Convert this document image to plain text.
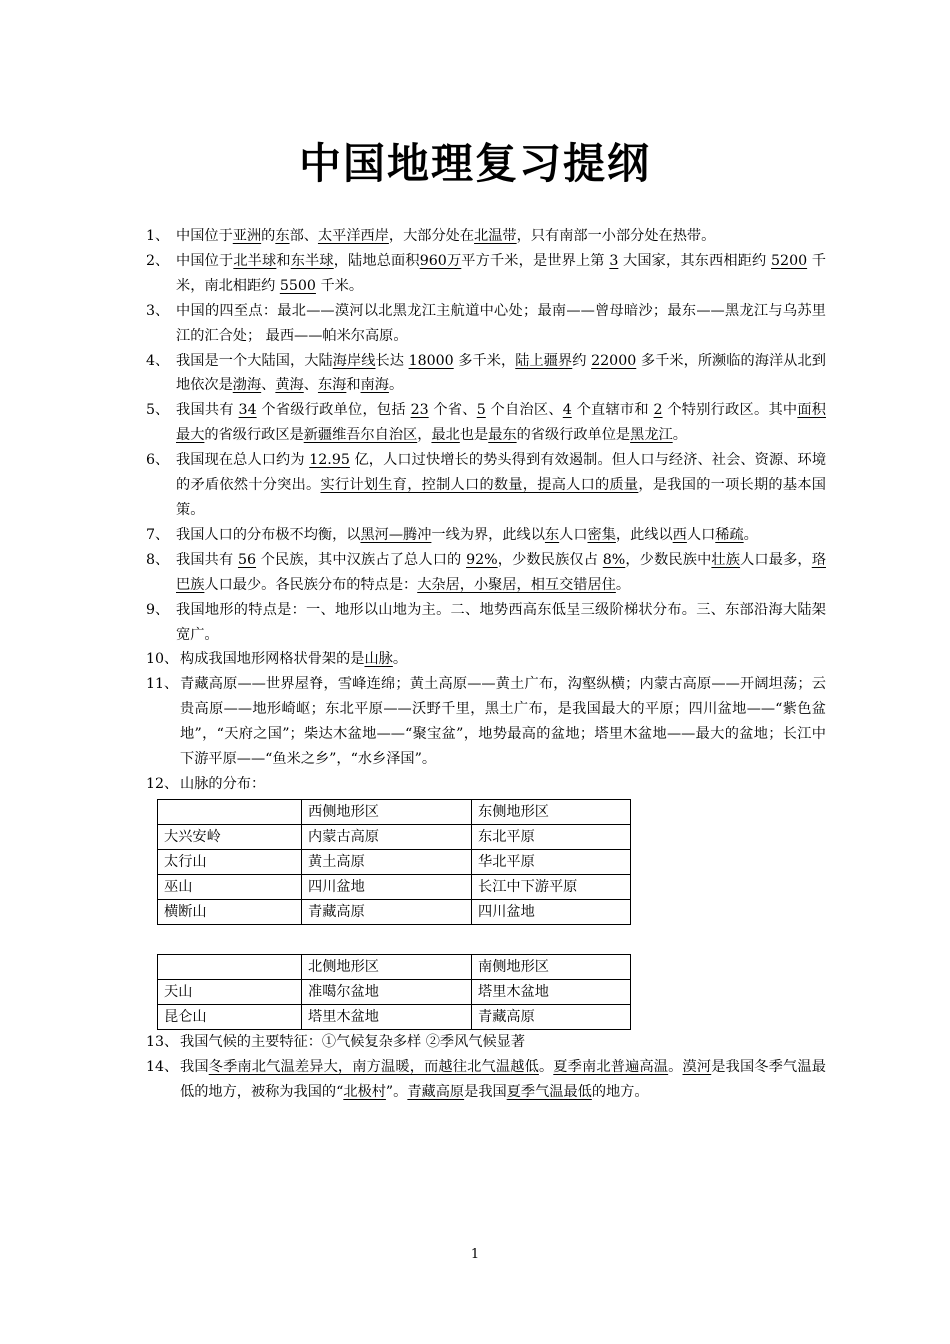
中国地理复习提纲
1、 中国位于亚洲的东部、太平洋西岸，大部分处在北温带，只有南部一小部分处在热带。
2、 中国位于北半球和东半球，陆地总面积960万平方千米，是世界上第 3 大国家，其东西相距约 5200 千米，南北相距约 5500 千米。
3、 中国的四至点：最北——漠河以北黑龙江主航道中心处；最南——曾母暗沙；最东——黑龙江与乌苏里江的汇合处； 最西——帕米尔高原。
4、 我国是一个大陆国，大陆海岸线长达 18000 多千米，陆上疆界约 22000 多千米，所濒临的海洋从北到地依次是渤海、黄海、东海和南海。
5、 我国共有 34 个省级行政单位，包括 23 个省、5 个自治区、4 个直辖市和 2 个特别行政区。其中面积最大的省级行政区是新疆维吾尔自治区，最北也是最东的省级行政单位是黑龙江。
6、 我国现在总人口约为 12.95 亿，人口过快增长的势头得到有效遏制。但人口与经济、社会、资源、环境的矛盾依然十分突出。实行计划生育，控制人口的数量，提高人口的质量，是我国的一项长期的基本国策。
7、 我国人口的分布极不均衡，以黑河—腾冲一线为界，此线以东人口密集，此线以西人口稀疏。
8、 我国共有 56 个民族，其中汉族占了总人口的 92%，少数民族仅占 8%，少数民族中壮族人口最多，珞巴族人口最少。各民族分布的特点是：大杂居，小聚居，相互交错居住。
9、 我国地形的特点是：一、地形以山地为主。二、地势西高东低呈三级阶梯状分布。三、东部沿海大陆架宽广。
10、 构成我国地形网格状骨架的是山脉。
11、 青藏高原——世界屋脊，雪峰连绵；黄土高原——黄土广布，沟壑纵横；内蒙古高原——开阔坦荡；云贵高原——地形崎岖；东北平原——沃野千里，黑土广布，是我国最大的平原；四川盆地——“紫色盆地”，“天府之国”；柴达木盆地——“聚宝盆”，地势最高的盆地；塔里木盆地——最大的盆地；长江中下游平原——“鱼米之乡”，“水乡泽国”。
12、 山脉的分布：
	西侧地形区	东侧地形区
大兴安岭	内蒙古高原	东北平原
太行山	黄土高原	华北平原
巫山	四川盆地	长江中下游平原
横断山	青藏高原	四川盆地
	北侧地形区	南侧地形区
天山	准噶尔盆地	塔里木盆地
昆仑山	塔里木盆地	青藏高原
13、 我国气候的主要特征：①气候复杂多样 ②季风气候显著
14、 我国冬季南北气温差异大，南方温暖，而越往北气温越低。夏季南北普遍高温。漠河是我国冬季气温最低的地方，被称为我国的“北极村”。青藏高原是我国夏季气温最低的地方。
1
